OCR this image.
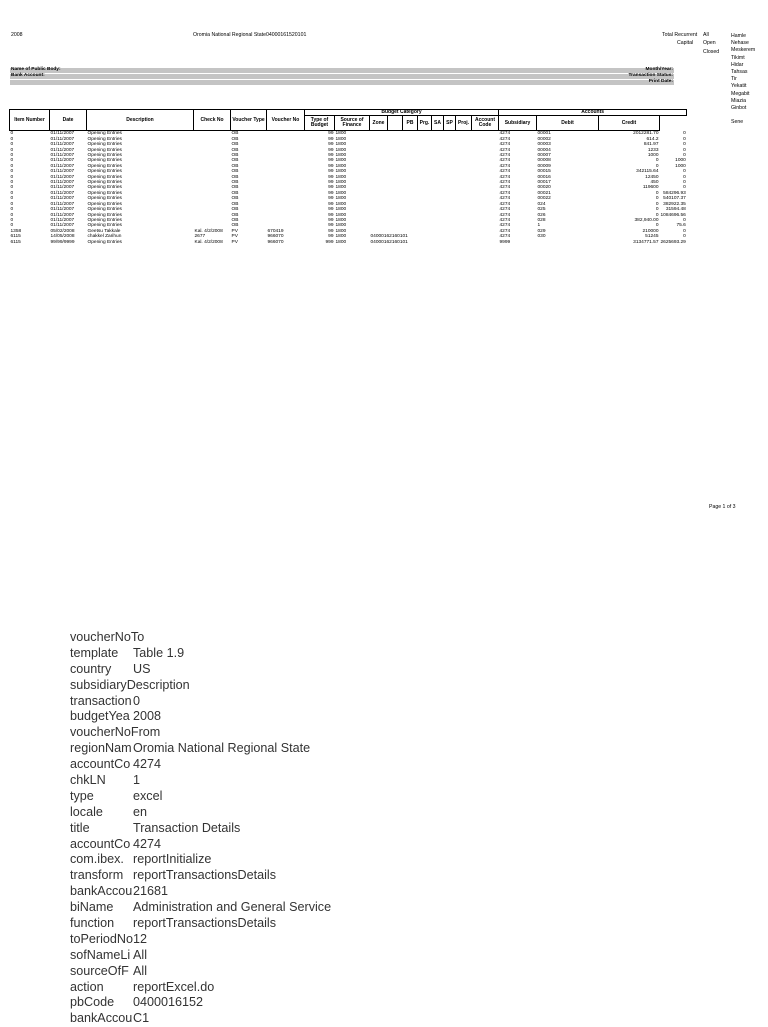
2008	Oromia National Regional State04000161520101	Total Recurrent All
Capital Open
Closed
Hamle
Nehase
Meskerem
Tikimt
Hidar
Tahsas
Tir
Yekatit
Megabit
Miazia
Ginbot
Sene
Name of Public Body:	Month/Year:
Bank Account:	Transaction Status:
Print Date:
Item Number	Date	Description	Check No	Voucher Type	Voucher No	Budget Category										Accounts			
						Type of Budget	Source of Finance	Zone		PB	Prg.	SA	SP	Proj.	Account Code	Subsidiary	Debit	Credit	
0	01/11/2007	Opening Entries		OB		99	1800									4274	00001	2012281.70	0
0	01/11/2007	Opening Entries		OB		99	1800									4274	00002	614.2	0
0	01/11/2007	Opening Entries		OB		99	1800									4274	00003	841.97	0
0	01/11/2007	Opening Entries		OB		99	1800									4274	00004	1233	0
0	01/11/2007	Opening Entries		OB		99	1800									4274	00007	1000	0
0	01/11/2007	Opening Entries		OB		99	1800									4274	00008	0	1000
0	01/11/2007	Opening Entries		OB		99	1800									4274	00009	0	1000
0	01/11/2007	Opening Entries		OB		99	1800									4274	00015	342115.64	0
0	01/11/2007	Opening Entries		OB		99	1800									4274	00016	12450	0
0	01/11/2007	Opening Entries		OB		99	1800									4274	00017	450	0
0	01/11/2007	Opening Entries		OB		99	1800									4274	00020	119600	0
0	01/11/2007	Opening Entries		OB		99	1800									4274	00021	0	584296.93
0	01/11/2007	Opening Entries		OB		99	1800									4274	00022	0	540107.37
0	01/11/2007	Opening Entries		OB		99	1800									4274	024	0	382922.35
0	01/11/2007	Opening Entries		OB		99	1800									4274	025	0	31594.48
0	01/11/2007	Opening Entries		OB		99	1800									4274	026	0	1084696.56
0	01/11/2007	Opening Entries		OB		99	1800									4274	028	382,940.00	0
0	01/11/2007	Opening Entries		OB		99	1800									4274	1	0	75.6
1358	05/02/2008	Geetsu Takkale	Kal. 4/2/2008	PV	670419	99	1800									4274	029	210000	0
6115	14/05/2008	chakkel Zarihun	2677	PV	966070	99	1800	04000162160101								4274	030	51245	0
6115	99/99/9999	Opening Entries	Kal. 4/2/2008	PV	966070	999	1800	04000162160101								9999		3134771.57	2625693.29
Page 1 of 3
voucherNoTo
template	Table 1.9
country	US
subsidiaryDescription
transaction 0
budgetYea 2008
voucherNoFrom
regionNam Oromia National Regional State
accountCo 4274
chkLN	1
type	excel
locale	en
title	Transaction Details
accountCo 4274
com.ibex. reportInitialize
transform reportTransactionsDetails
bankAccou 21681
biName	Administration and General Service
function	reportTransactionsDetails
toPeriodNo 12
sofNameLi All
sourceOfF All
action	reportExcel.do
pbCode	0400016152
bankAccou C1
